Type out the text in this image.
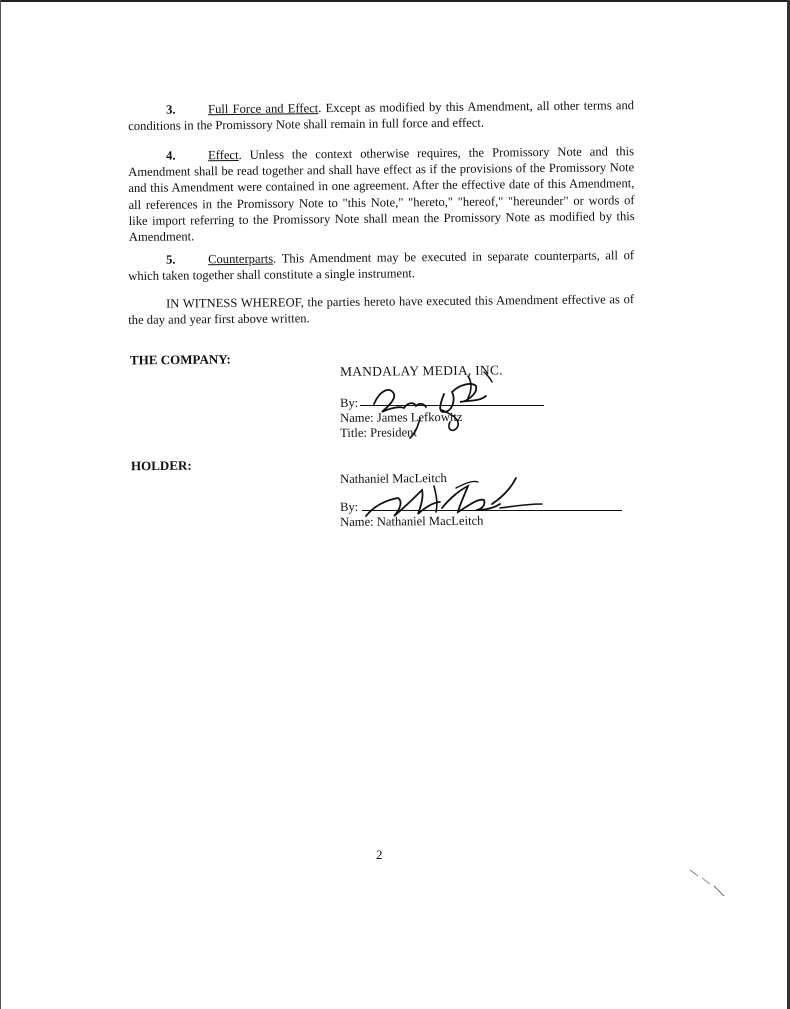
3.	Full Force and Effect. Except as modified by this Amendment, all other terms and conditions in the Promissory Note shall remain in full force and effect.
4.	Effect. Unless the context otherwise requires, the Promissory Note and this Amendment shall be read together and shall have effect as if the provisions of the Promissory Note and this Amendment were contained in one agreement. After the effective date of this Amendment, all references in the Promissory Note to "this Note," "hereto," "hereof," "hereunder" or words of like import referring to the Promissory Note shall mean the Promissory Note as modified by this Amendment.
5.	Counterparts. This Amendment may be executed in separate counterparts, all of which taken together shall constitute a single instrument.
IN WITNESS WHEREOF, the parties hereto have executed this Amendment effective as of the day and year first above written.
THE COMPANY:
MANDALAY MEDIA, INC.
By:
Name: James Lefkowitz
Title: President
HOLDER:
Nathaniel MacLeitch
By:
Name: Nathaniel MacLeitch
2
